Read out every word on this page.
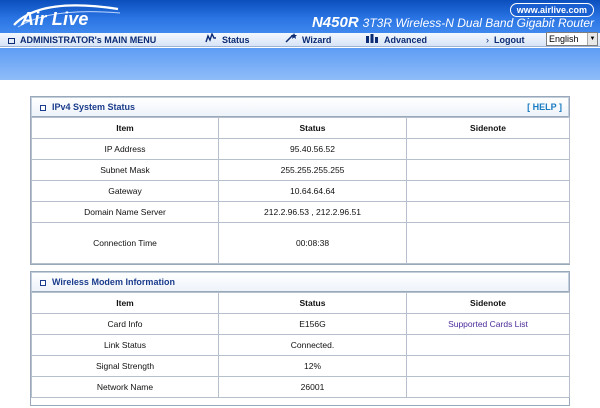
Air Live	www.airlive.com
N450R 3T3R Wireless-N Dual Band Gigabit Router
ADMINISTRATOR's MAIN MENU	Status	Wizard	Advanced	› Logout	English	▼
IPv4 System Status	[ HELP ]
Item	Status	Sidenote
IP Address	95.40.56.52	
Subnet Mask	255.255.255.255	
Gateway	10.64.64.64	
Domain Name Server	212.2.96.53 , 212.2.96.51	
Connection Time	00:08:38	
Wireless Modem Information
Item	Status	Sidenote
Card Info	E156G	Supported Cards List
Link Status	Connected.	
Signal Strength	12%	
Network Name	26001	
